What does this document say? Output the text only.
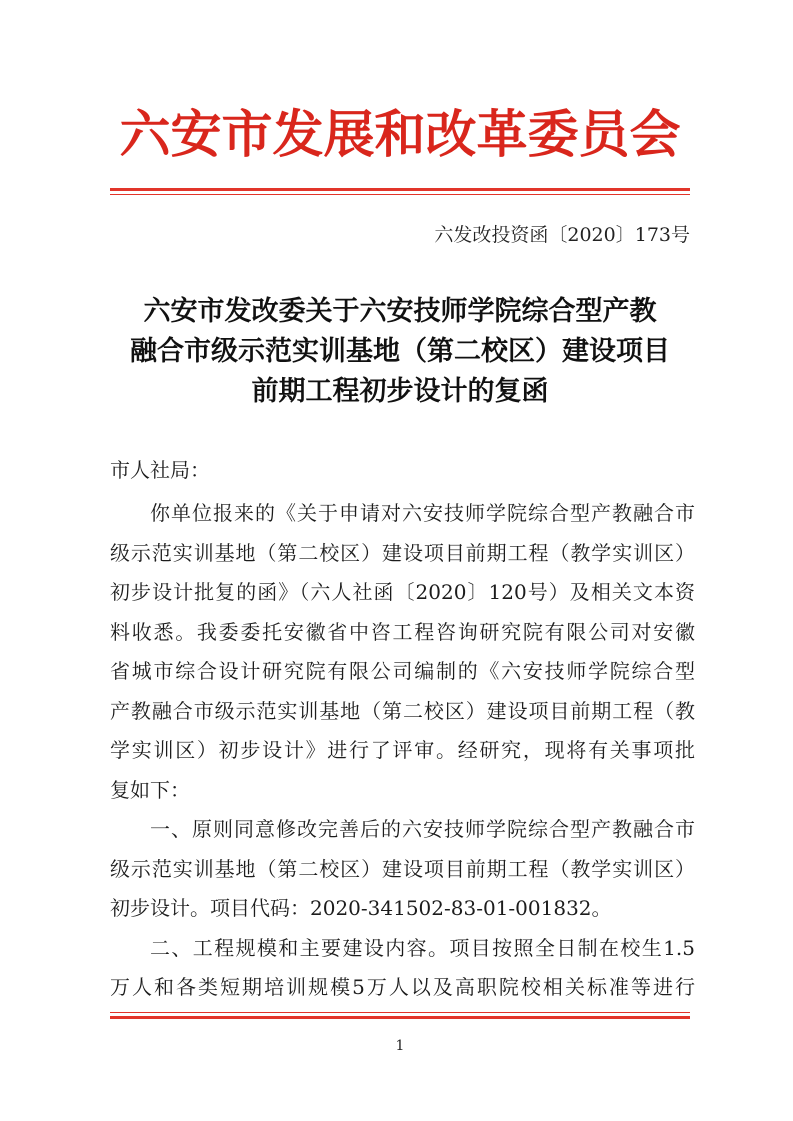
六安市发展和改革委员会
六发改投资函〔2020〕173号
六安市发改委关于六安技师学院综合型产教
融合市级示范实训基地（第二校区）建设项目
前期工程初步设计的复函
市人社局：
你单位报来的《关于申请对六安技师学院综合型产教融合市
级示范实训基地（第二校区）建设项目前期工程（教学实训区）
初步设计批复的函》（六人社函〔2020〕120号）及相关文本资
料收悉。我委委托安徽省中咨工程咨询研究院有限公司对安徽
省城市综合设计研究院有限公司编制的《六安技师学院综合型
产教融合市级示范实训基地（第二校区）建设项目前期工程（教
学实训区）初步设计》进行了评审。经研究，现将有关事项批
复如下：
一、原则同意修改完善后的六安技师学院综合型产教融合市
级示范实训基地（第二校区）建设项目前期工程（教学实训区）
初步设计。项目代码：2020-341502-83-01-001832。
二、工程规模和主要建设内容。项目按照全日制在校生1.5
万人和各类短期培训规模5万人以及高职院校相关标准等进行
1
